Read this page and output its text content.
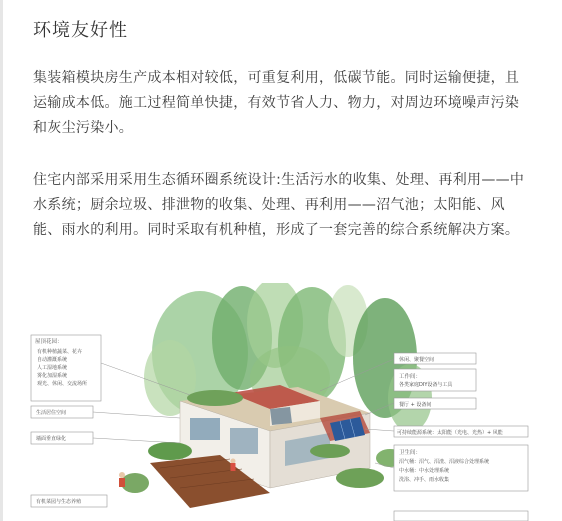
环境友好性
集装箱模块房生产成本相对较低，可重复利用，低碳节能。同时运输便捷，且运输成本低。施工过程简单快捷，有效节省人力、物力，对周边环境噪声污染和灰尘污染小。
住宅内部采用采用生态循环圈系统设计:生活污水的收集、处理、再利用——中水系统；厨余垃圾、排泄物的收集、处理、再利用——沼气池；太阳能、风能、雨水的利用。同时采取有机种植，形成了一套完善的综合系统解决方案。
屋顶花园：
有机种植蔬菜、花卉
自动灌溉系统
人工湿地系统
雾化加湿系统
观光、休闲、交流场所
生活居住空间
墙面垂直绿化
有机菜园与生态养殖
休闲、聚餐空间
工作间：
各类家庭DIY设备与工具
餐厅 + 设备间
可持续能源系统：太阳能（光电、光热）+ 风能
卫生间：
沼气桶：沼气、沼渣、沼液综合处理系统
中水桶：中水处理系统
洗浴、冲手、雨水收集
